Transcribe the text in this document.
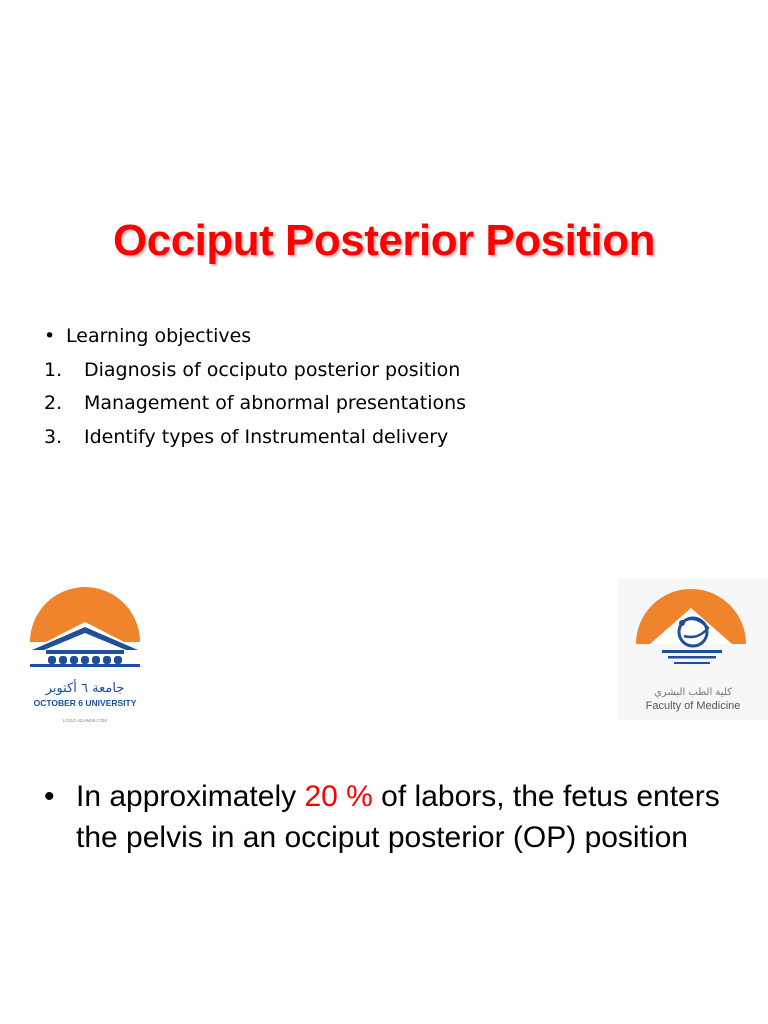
Occiput Posterior Position
• Learning objectives
1.	Diagnosis of occiputo posterior position
2.	Management of abnormal presentations
3.	Identify types of Instrumental delivery
جامعة ٦ أكتوبر
OCTOBER 6 UNIVERSITY
LOGO.ADAM98.COM
كلية الطب البشري
Faculty of Medicine
• In approximately 20 % of labors, the fetus enters the pelvis in an occiput posterior (OP) position
